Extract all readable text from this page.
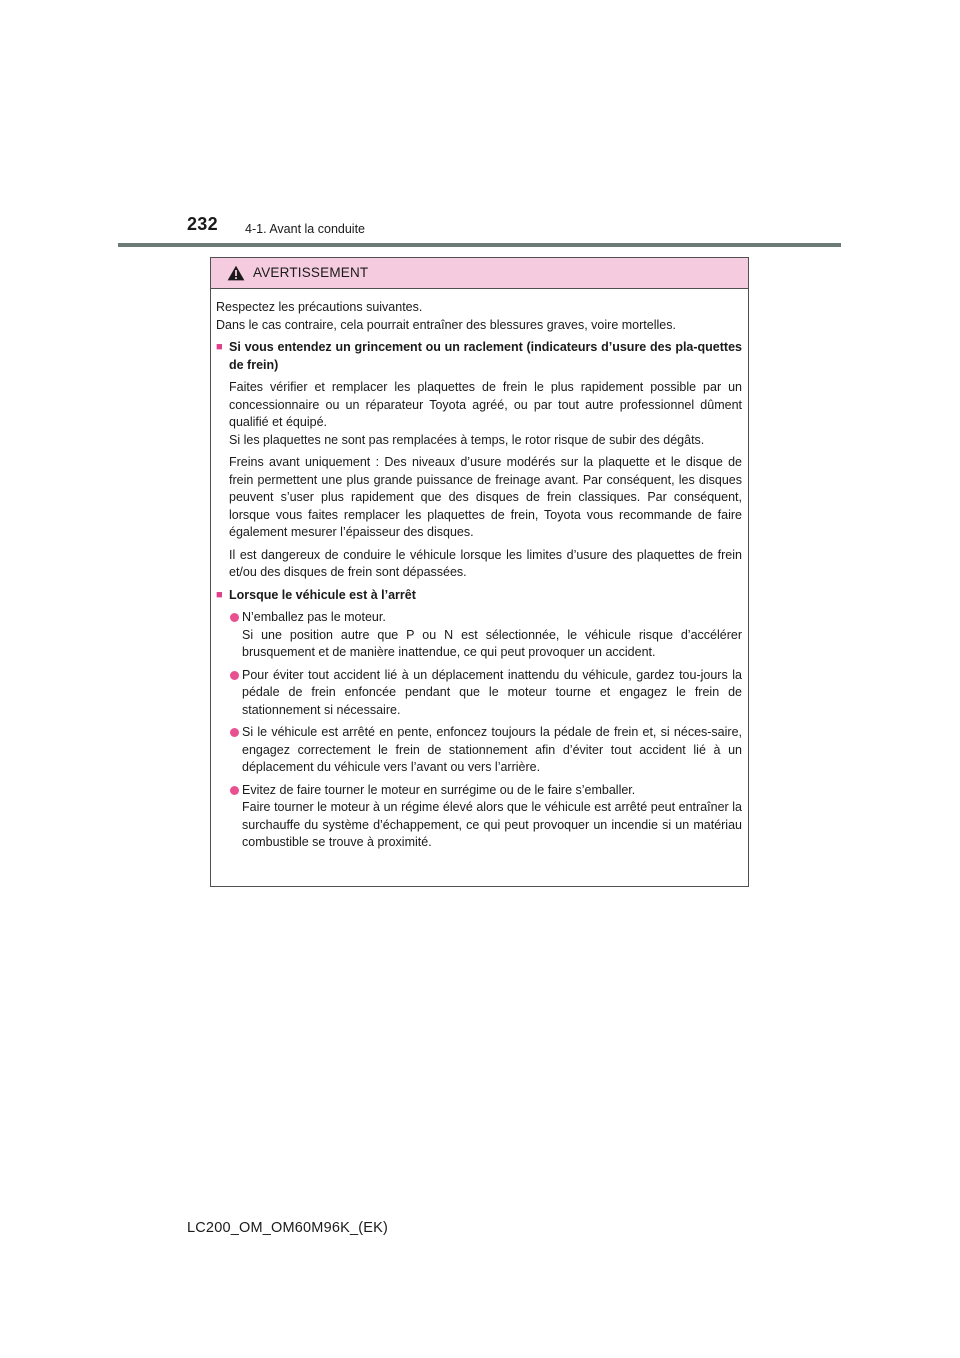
232 4-1. Avant la conduite
AVERTISSEMENT

Respectez les précautions suivantes.

Dans le cas contraire, cela pourrait entraîner des blessures graves, voire mortelles.

■ Si vous entendez un grincement ou un raclement (indicateurs d’usure des pla-quettes de frein)
Faites vérifier et remplacer les plaquettes de frein le plus rapidement possible par un concessionnaire ou un réparateur Toyota agréé, ou par tout autre professionnel dûment qualifié et équipé.
Si les plaquettes ne sont pas remplacées à temps, le rotor risque de subir des dégâts.
Freins avant uniquement : Des niveaux d’usure modérés sur la plaquette et le disque de frein permettent une plus grande puissance de freinage avant. Par conséquent, les disques peuvent s’user plus rapidement que des disques de frein classiques. Par conséquent, lorsque vous faites remplacer les plaquettes de frein, Toyota vous recommande de faire également mesurer l’épaisseur des disques.
Il est dangereux de conduire le véhicule lorsque les limites d’usure des plaquettes de frein et/ou des disques de frein sont dépassées.
■ Lorsque le véhicule est à l’arrêt
N’emballez pas le moteur.
Si une position autre que P ou N est sélectionnée, le véhicule risque d’accélérer brusquement et de manière inattendue, ce qui peut provoquer un accident.
Pour éviter tout accident lié à un déplacement inattendu du véhicule, gardez tou-jours la pédale de frein enfoncée pendant que le moteur tourne et engagez le frein de stationnement si nécessaire.
Si le véhicule est arrêté en pente, enfoncez toujours la pédale de frein et, si néces-saire, engagez correctement le frein de stationnement afin d’éviter tout accident lié à un déplacement du véhicule vers l’avant ou vers l’arrière.
Evitez de faire tourner le moteur en surrégime ou de le faire s’emballer.
Faire tourner le moteur à un régime élevé alors que le véhicule est arrêté peut entraîner la surchauffe du système d’échappement, ce qui peut provoquer un incendie si un matériau combustible se trouve à proximité.
LC200_OM_OM60M96K_(EK)
